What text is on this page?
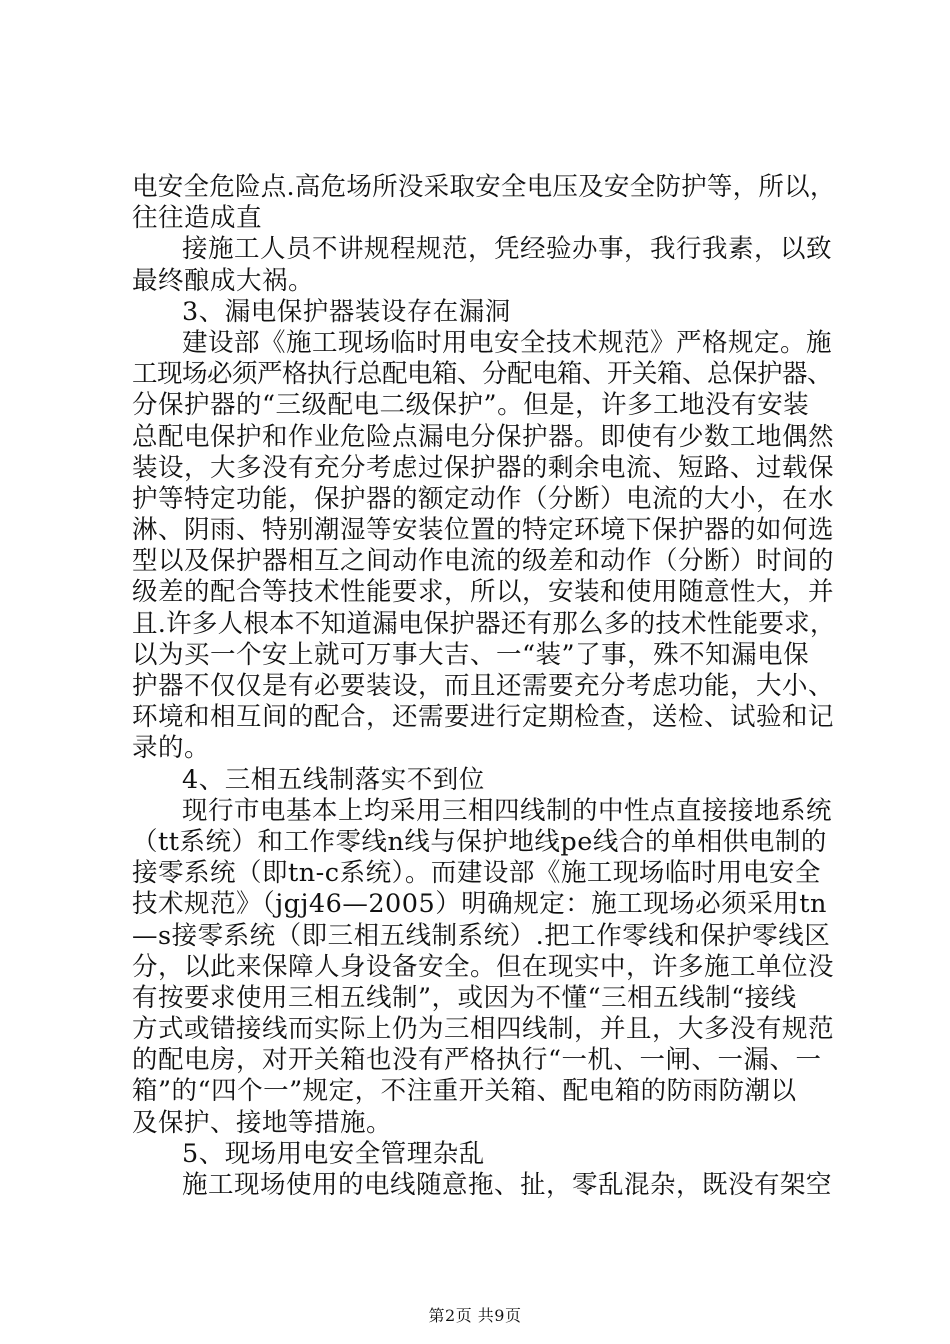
电安全危险点.高危场所没采取安全电压及安全防护等，所以，
往往造成直
接施工人员不讲规程规范，凭经验办事，我行我素，以致
最终酿成大祸。
3、漏电保护器装设存在漏洞
建设部《施工现场临时用电安全技术规范》严格规定。施
工现场必须严格执行总配电箱、分配电箱、开关箱、总保护器、
分保护器的“三级配电二级保护”。但是，许多工地没有安装
总配电保护和作业危险点漏电分保护器。即使有少数工地偶然
装设，大多没有充分考虑过保护器的剩余电流、短路、过载保
护等特定功能，保护器的额定动作（分断）电流的大小，在水
淋、阴雨、特别潮湿等安装位置的特定环境下保护器的如何选
型以及保护器相互之间动作电流的级差和动作（分断）时间的
级差的配合等技术性能要求，所以，安装和使用随意性大，并
且.许多人根本不知道漏电保护器还有那么多的技术性能要求，
以为买一个安上就可万事大吉、一“装”了事，殊不知漏电保
护器不仅仅是有必要装设，而且还需要充分考虑功能，大小、
环境和相互间的配合，还需要进行定期检查，送检、试验和记
录的。
4、三相五线制落实不到位
现行市电基本上均采用三相四线制的中性点直接接地系统
（tt系统）和工作零线n线与保护地线pe线合的单相供电制的
接零系统（即tn-c系统）。而建设部《施工现场临时用电安全
技术规范》（jgj46—2005）明确规定：施工现场必须采用tn
—s接零系统（即三相五线制系统）.把工作零线和保护零线区
分，以此来保障人身设备安全。但在现实中，许多施工单位没
有按要求使用三相五线制”，或因为不懂“三相五线制“接线
方式或错接线而实际上仍为三相四线制，并且，大多没有规范
的配电房，对开关箱也没有严格执行“一机、一闸、一漏、一
箱”的“四个一”规定，不注重开关箱、配电箱的防雨防潮以
及保护、接地等措施。
5、现场用电安全管理杂乱
施工现场使用的电线随意拖、扯，零乱混杂，既没有架空
第2页 共9页
